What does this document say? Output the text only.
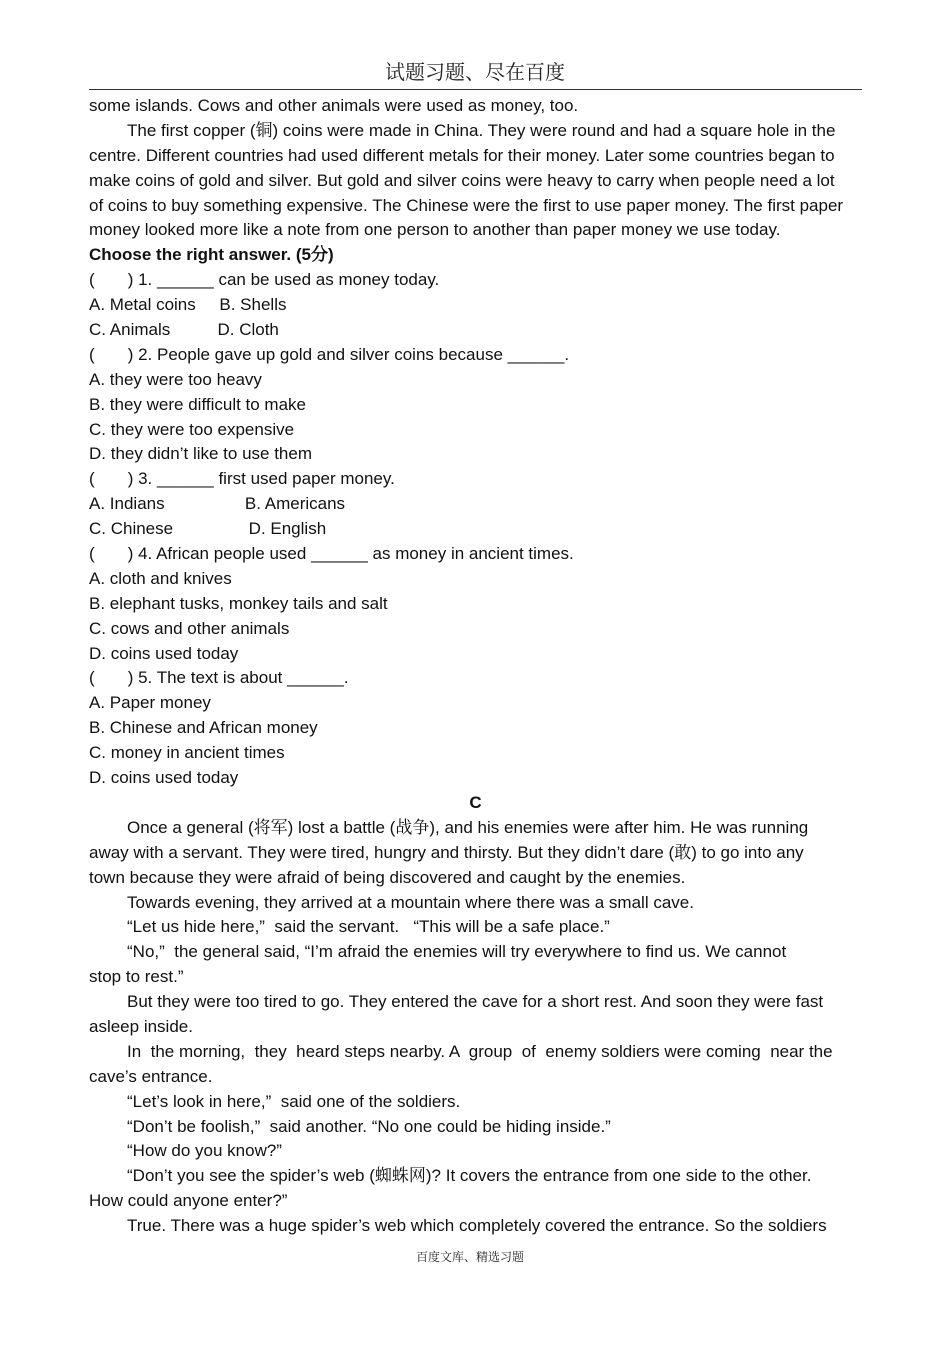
试题习题、尽在百度
some islands. Cows and other animals were used as money, too.
The first copper (铜) coins were made in China. They were round and had a square hole in the
centre. Different countries had used different metals for their money. Later some countries began to
make coins of gold and silver. But gold and silver coins were heavy to carry when people need a lot
of coins to buy something expensive. The Chinese were the first to use paper money. The first paper
money looked more like a note from one person to another than paper money we use today.
Choose the right answer. (5分)
(       ) 1. ______ can be used as money today.
A. Metal coins     B. Shells
C. Animals          D. Cloth
(       ) 2. People gave up gold and silver coins because ______.
A. they were too heavy
B. they were difficult to make
C. they were too expensive
D. they didn’t like to use them
(       ) 3. ______ first used paper money.
A. Indians                 B. Americans
C. Chinese                D. English
(       ) 4. African people used ______ as money in ancient times.
A. cloth and knives
B. elephant tusks, monkey tails and salt
C. cows and other animals
D. coins used today
(       ) 5. The text is about ______.
A. Paper money
B. Chinese and African money
C. money in ancient times
D. coins used today
C
Once a general (将军) lost a battle (战争), and his enemies were after him. He was running
away with a servant. They were tired, hungry and thirsty. But they didn’t dare (敢) to go into any
town because they were afraid of being discovered and caught by the enemies.
Towards evening, they arrived at a mountain where there was a small cave.
“Let us hide here,”  said the servant.   “This will be a safe place.”
“No,”  the general said, “I’m afraid the enemies will try everywhere to find us. We cannot
stop to rest.”
But they were too tired to go. They entered the cave for a short rest. And soon they were fast
asleep inside.
In  the morning,  they  heard steps nearby. A  group  of  enemy soldiers were coming  near the
cave’s entrance.
“Let’s look in here,”  said one of the soldiers.
“Don’t be foolish,”  said another. “No one could be hiding inside.”
“How do you know?”
“Don’t you see the spider’s web (蜘蛛网)? It covers the entrance from one side to the other.
How could anyone enter?”
True. There was a huge spider’s web which completely covered the entrance. So the soldiers
百度文库、精选习题
